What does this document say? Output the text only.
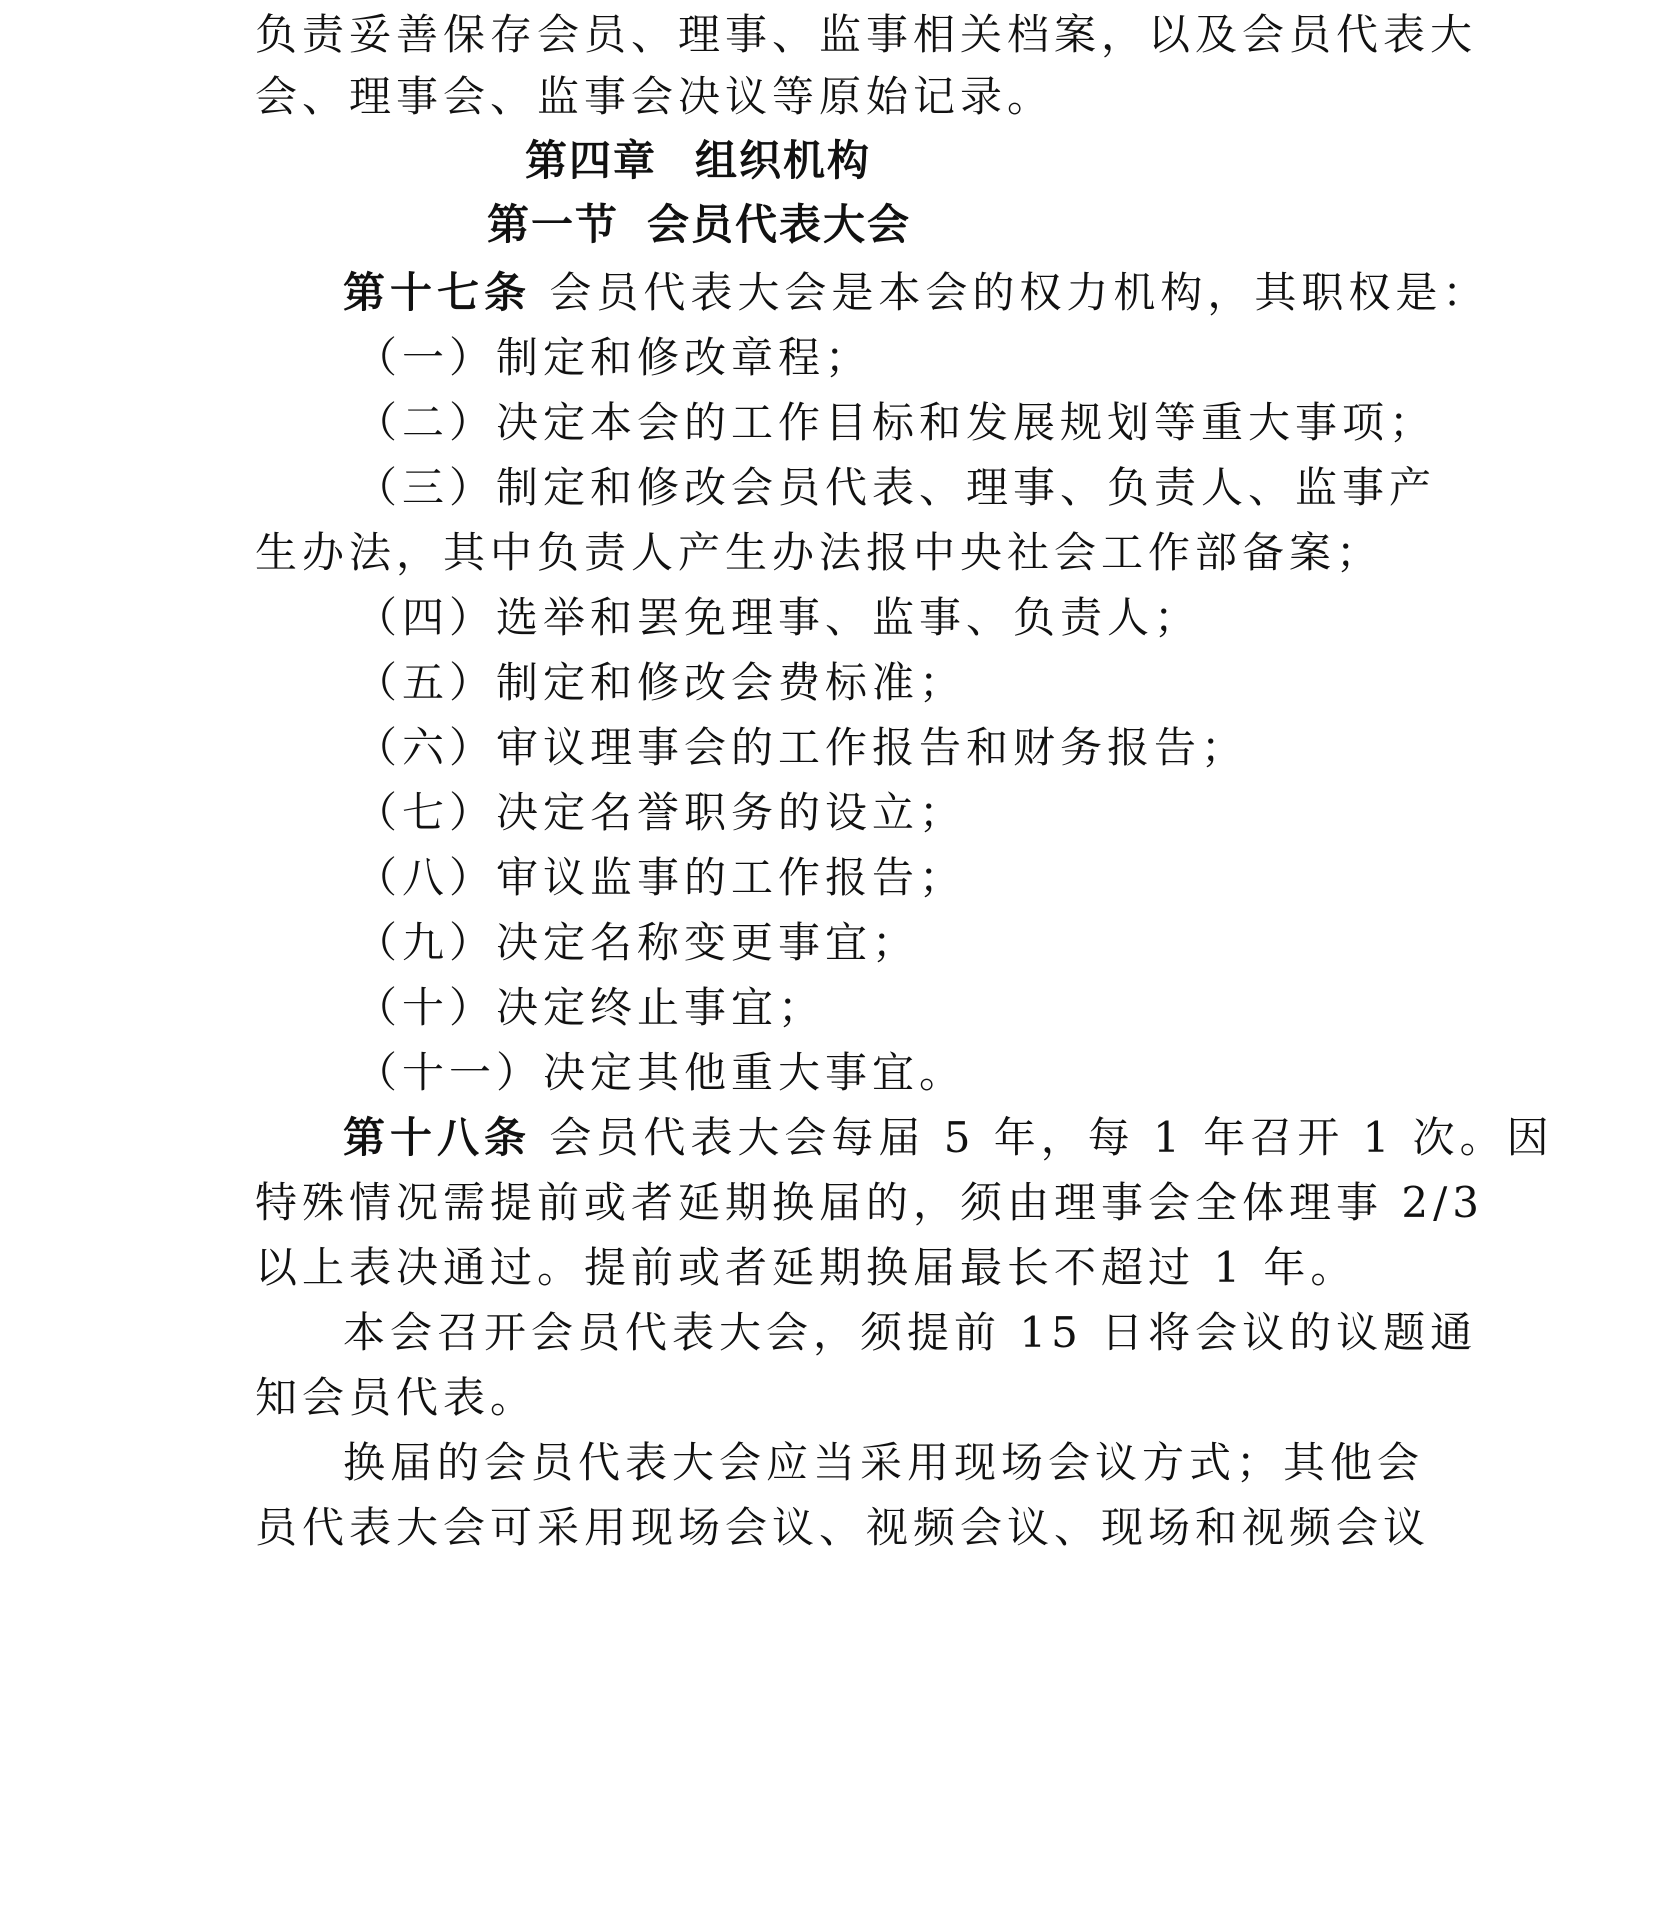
负责妥善保存会员、理事、监事相关档案，以及会员代表大
会、理事会、监事会决议等原始记录。
第四章 组织机构
第一节 会员代表大会
第十七条 会员代表大会是本会的权力机构，其职权是：
（一）制定和修改章程；
（二）决定本会的工作目标和发展规划等重大事项；
（三）制定和修改会员代表、理事、负责人、监事产
生办法，其中负责人产生办法报中央社会工作部备案；
（四）选举和罢免理事、监事、负责人；
（五）制定和修改会费标准；
（六）审议理事会的工作报告和财务报告；
（七）决定名誉职务的设立；
（八）审议监事的工作报告；
（九）决定名称变更事宜；
（十）决定终止事宜；
（十一）决定其他重大事宜。
第十八条 会员代表大会每届 5 年，每 1 年召开 1 次。因
特殊情况需提前或者延期换届的，须由理事会全体理事 2/3
以上表决通过。提前或者延期换届最长不超过 1 年。
本会召开会员代表大会，须提前 15 日将会议的议题通
知会员代表。
换届的会员代表大会应当采用现场会议方式；其他会
员代表大会可采用现场会议、视频会议、现场和视频会议
